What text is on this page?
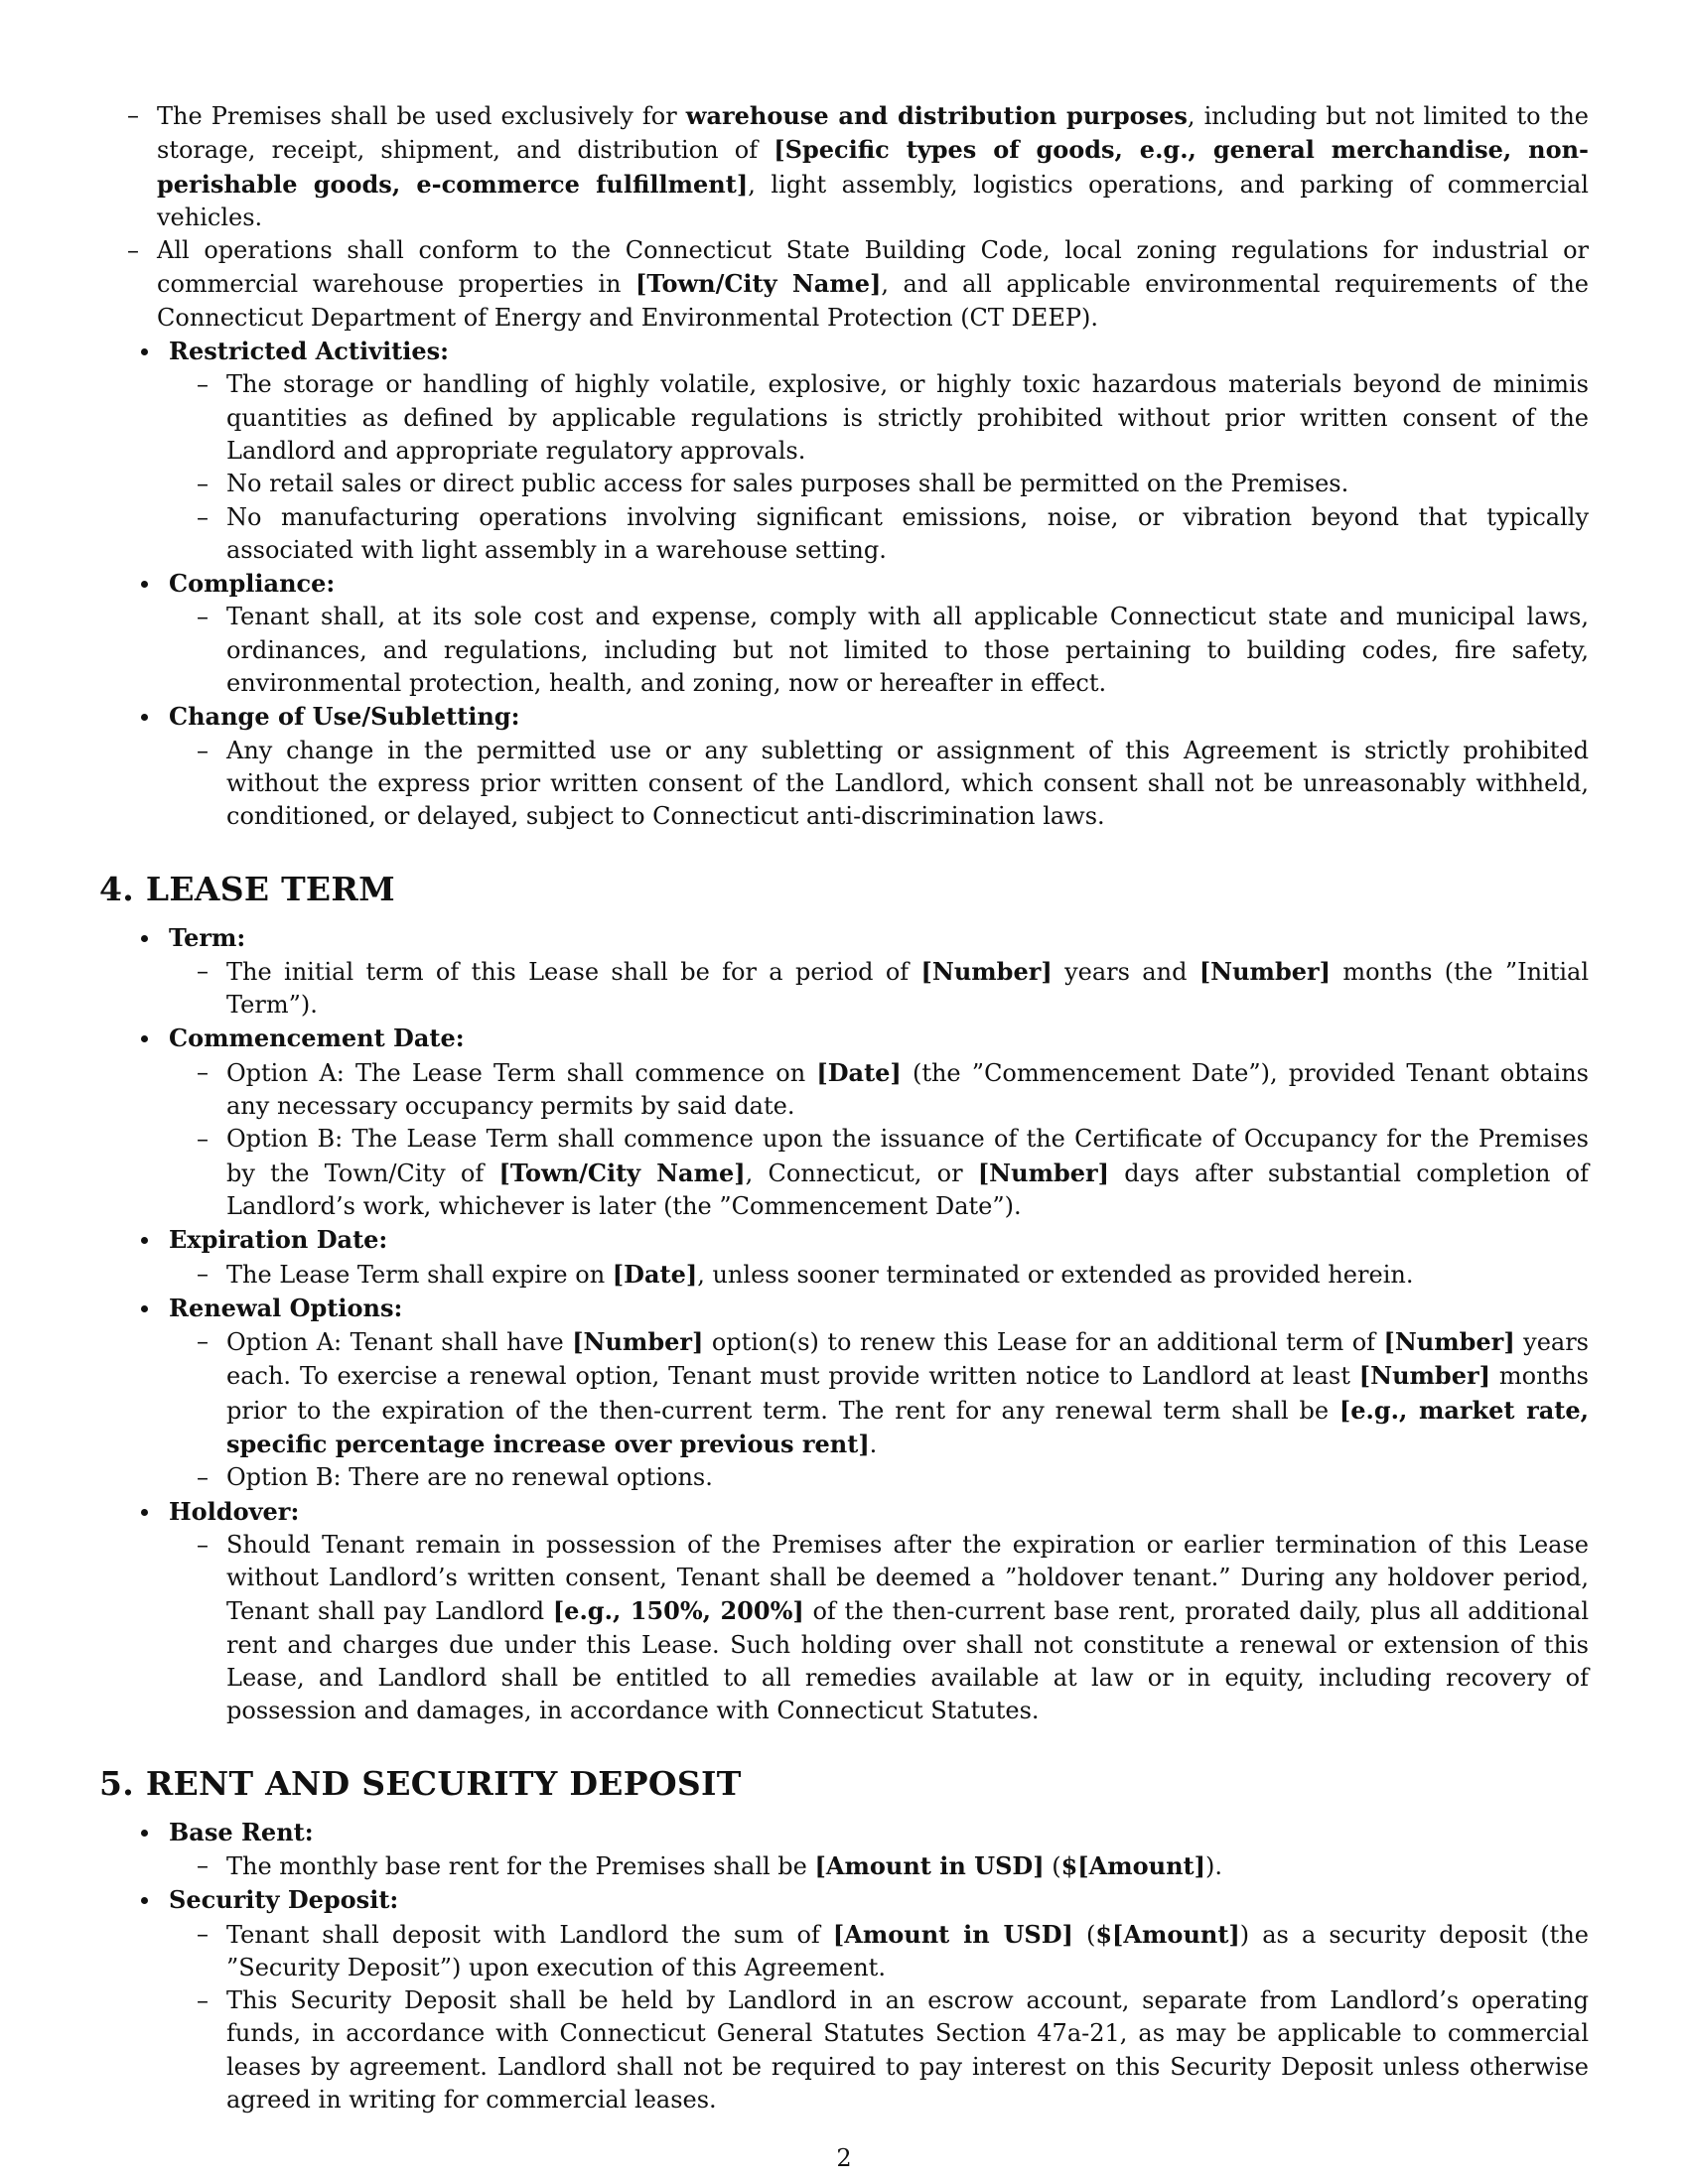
– The Premises shall be used exclusively for warehouse and distribution purposes, including but not limited to the storage, receipt, shipment, and distribution of [Specific types of goods, e.g., general merchandise, non-perishable goods, e-commerce fulfillment], light assembly, logistics operations, and parking of commercial vehicles.
– All operations shall conform to the Connecticut State Building Code, local zoning regulations for industrial or commercial warehouse properties in [Town/City Name], and all applicable environmental requirements of the Connecticut Department of Energy and Environmental Protection (CT DEEP).
Restricted Activities:
– The storage or handling of highly volatile, explosive, or highly toxic hazardous materials beyond de minimis quantities as defined by applicable regulations is strictly prohibited without prior written consent of the Landlord and appropriate regulatory approvals.
– No retail sales or direct public access for sales purposes shall be permitted on the Premises.
– No manufacturing operations involving significant emissions, noise, or vibration beyond that typically associated with light assembly in a warehouse setting.
Compliance:
– Tenant shall, at its sole cost and expense, comply with all applicable Connecticut state and municipal laws, ordinances, and regulations, including but not limited to those pertaining to building codes, fire safety, environmental protection, health, and zoning, now or hereafter in effect.
Change of Use/Subletting:
– Any change in the permitted use or any subletting or assignment of this Agreement is strictly prohibited without the express prior written consent of the Landlord, which consent shall not be unreasonably withheld, conditioned, or delayed, subject to Connecticut anti-discrimination laws.
4. LEASE TERM
Term:
– The initial term of this Lease shall be for a period of [Number] years and [Number] months (the ”Initial Term”).
Commencement Date:
– Option A: The Lease Term shall commence on [Date] (the ”Commencement Date”), provided Tenant obtains any necessary occupancy permits by said date.
– Option B: The Lease Term shall commence upon the issuance of the Certificate of Occupancy for the Premises by the Town/City of [Town/City Name], Connecticut, or [Number] days after substantial completion of Landlord’s work, whichever is later (the ”Commencement Date”).
Expiration Date:
– The Lease Term shall expire on [Date], unless sooner terminated or extended as provided herein.
Renewal Options:
– Option A: Tenant shall have [Number] option(s) to renew this Lease for an additional term of [Number] years each. To exercise a renewal option, Tenant must provide written notice to Landlord at least [Number] months prior to the expiration of the then-current term. The rent for any renewal term shall be [e.g., market rate, specific percentage increase over previous rent].
– Option B: There are no renewal options.
Holdover:
– Should Tenant remain in possession of the Premises after the expiration or earlier termination of this Lease without Landlord’s written consent, Tenant shall be deemed a ”holdover tenant.” During any holdover period, Tenant shall pay Landlord [e.g., 150%, 200%] of the then-current base rent, prorated daily, plus all additional rent and charges due under this Lease. Such holding over shall not constitute a renewal or extension of this Lease, and Landlord shall be entitled to all remedies available at law or in equity, including recovery of possession and damages, in accordance with Connecticut Statutes.
5. RENT AND SECURITY DEPOSIT
Base Rent:
– The monthly base rent for the Premises shall be [Amount in USD] ($[Amount]).
Security Deposit:
– Tenant shall deposit with Landlord the sum of [Amount in USD] ($[Amount]) as a security deposit (the ”Security Deposit”) upon execution of this Agreement.
– This Security Deposit shall be held by Landlord in an escrow account, separate from Landlord’s operating funds, in accordance with Connecticut General Statutes Section 47a-21, as may be applicable to commercial leases by agreement. Landlord shall not be required to pay interest on this Security Deposit unless otherwise agreed in writing for commercial leases.
2
